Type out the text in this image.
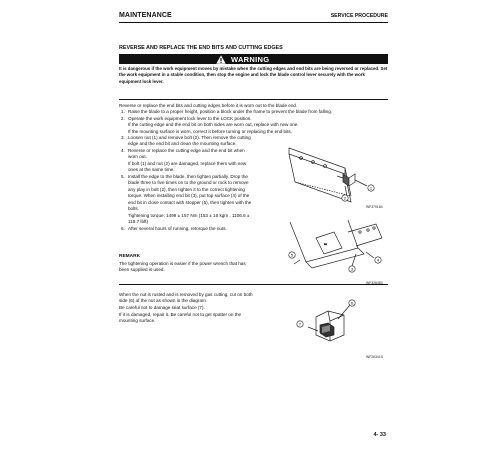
MAINTENANCE	SERVICE PROCEDURE
REVERSE AND REPLACE THE END BITS AND CUTTING EDGES
WARNING
It is dangerous if the work equipment moves by mistake when the cutting edges and end bits are being reversed or replaced. Set the work equipment in a stable condition, then stop the engine and lock the blade control lever securely with the work equipment lock lever.
Reverse or replace the end bits and cutting edges before it is worn out to the blade end.
1. Raise the blade to a proper height, position a block under the frame to prevent the blade from falling.
2. Operate the work equipment lock lever to the LOCK position.
If the cutting edge and the end bit on both sides are worn out, replace with new one.
If the mounting surface is worn, correct it before turning or replacing the end bits.
3. Loosen nut (1) and remove bolt (2). Then remove the cutting edge and the end bit and clean the mounting surface.
4. Reverse or replace the cutting edge and the end bit when worn out.
If bolt (1) and nut (2) are damaged, replace them with new ones at the same time.
5. Install the edge to the blade, then tighten partially. Drop the blade three to five times on to the ground or rock to remove any play in bolt (2), then tighten it to the correct tightening torque. When installing end bit (3), put top surface (4) of the end bit in close contact with stopper (5), then tighten with the bolts.
Tightening torque: 1499 ± 157 Nm (153 ± 16 kgm , 1106.6 ± 115.7 lbft)
6. After several hours of running, retorque the nuts.
REMARK
The tightening operation is easier if the power wrench that has been supplied is used.
When the nut is rusted and is removed by gas cutting, cut on both side (6) of the nut as shown in the diagram.
Be careful not to damage seat surface (7).
If it is damaged, repair it. Be careful not to get spatter on the mounting surface.
1
2
WF379184
▭
5
3
4
WF328483
6
7
WF26341S
4- 33
